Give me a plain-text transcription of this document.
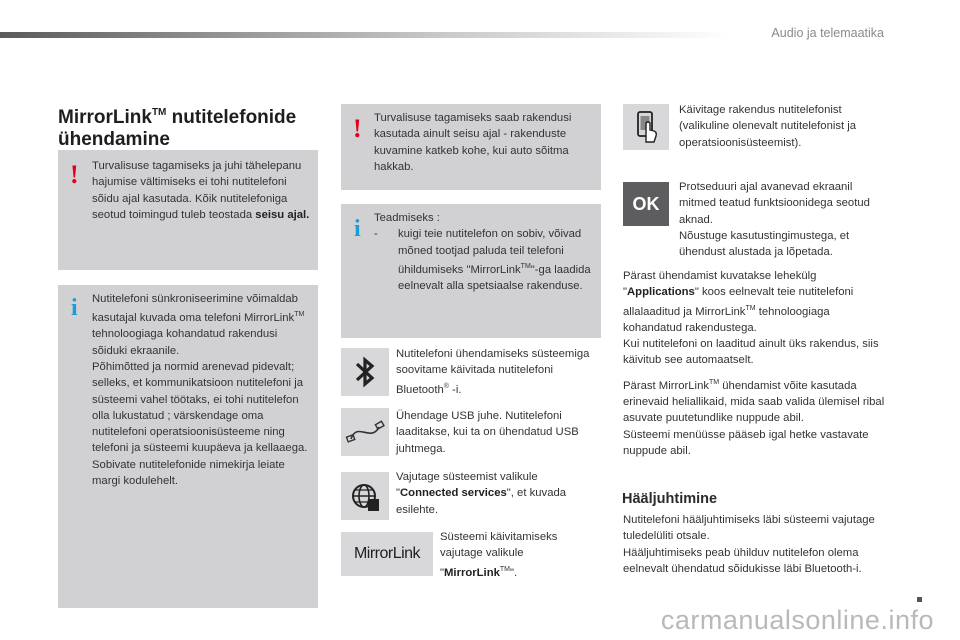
Audio ja telemaatika
MirrorLink™ nutitelefonide
ühendamine
! Turvalisuse tagamiseks ja juhi tähelepanu hajumise vältimiseks ei tohi nutitelefoni sõidu ajal kasutada. Kõik nutitelefoniga seotud toimingud tuleb teostada seisu ajal.
i Nutitelefoni sünkroniseerimine võimaldab kasutajal kuvada oma telefoni MirrorLink™ tehnoloogiaga kohandatud rakendusi sõiduki ekraanile.
Põhimõtted ja normid arenevad pidevalt; selleks, et kommunikatsioon nutitelefoni ja süsteemi vahel töötaks, ei tohi nutitelefon olla lukustatud ; värskendage oma nutitelefoni operatsioonisüsteeme ning telefoni ja süsteemi kuupäeva ja kellaaega.
Sobivate nutitelefonide nimekirja leiate margi kodulehelt.
! Turvalisuse tagamiseks saab rakendusi kasutada ainult seisu ajal - rakenduste kuvamine katkeb kohe, kui auto sõitma hakkab.
i Teadmiseks :
-	kuigi teie nutitelefon on sobiv, võivad mõned tootjad paluda teil telefoni ühildumiseks "MirrorLink™"-ga laadida eelnevalt alla spetsiaalse rakenduse.
Nutitelefoni ühendamiseks süsteemiga soovitame käivitada nutitelefoni Bluetooth® -i.
Ühendage USB juhe. Nutitelefoni laaditakse, kui ta on ühendatud USB juhtmega.
Vajutage süsteemist valikule "Connected services", et kuvada esilehte.
MirrorLink
Süsteemi käivitamiseks vajutage valikule "MirrorLink™".
Käivitage rakendus nutitelefonist (valikuline olenevalt nutitelefonist ja operatsioonisüsteemist).
OK
Protseduuri ajal avanevad ekraanil mitmed teatud funktsioonidega seotud aknad.
Nõustuge kasutustingimustega, et ühendust alustada ja lõpetada.
Pärast ühendamist kuvatakse lehekülg "Applications" koos eelnevalt teie nutitelefoni allalaaditud ja MirrorLink™ tehnoloogiaga kohandatud rakendustega.
Kui nutitelefoni on laaditud ainult üks rakendus, siis käivitub see automaatselt.
Pärast MirrorLink™ ühendamist võite kasutada erinevaid heliallikaid, mida saab valida ülemisel ribal asuvate puutetundlike nuppude abil.
Süsteemi menüüsse pääseb igal hetke vastavate nuppude abil.
Hääljuhtimine
Nutitelefoni hääljuhtimiseks läbi süsteemi vajutage tuledelüliti otsale.
Hääljuhtimiseks peab ühilduv nutitelefon olema eelnevalt ühendatud sõidukisse läbi Bluetooth-i.
carmanualsonline.info
